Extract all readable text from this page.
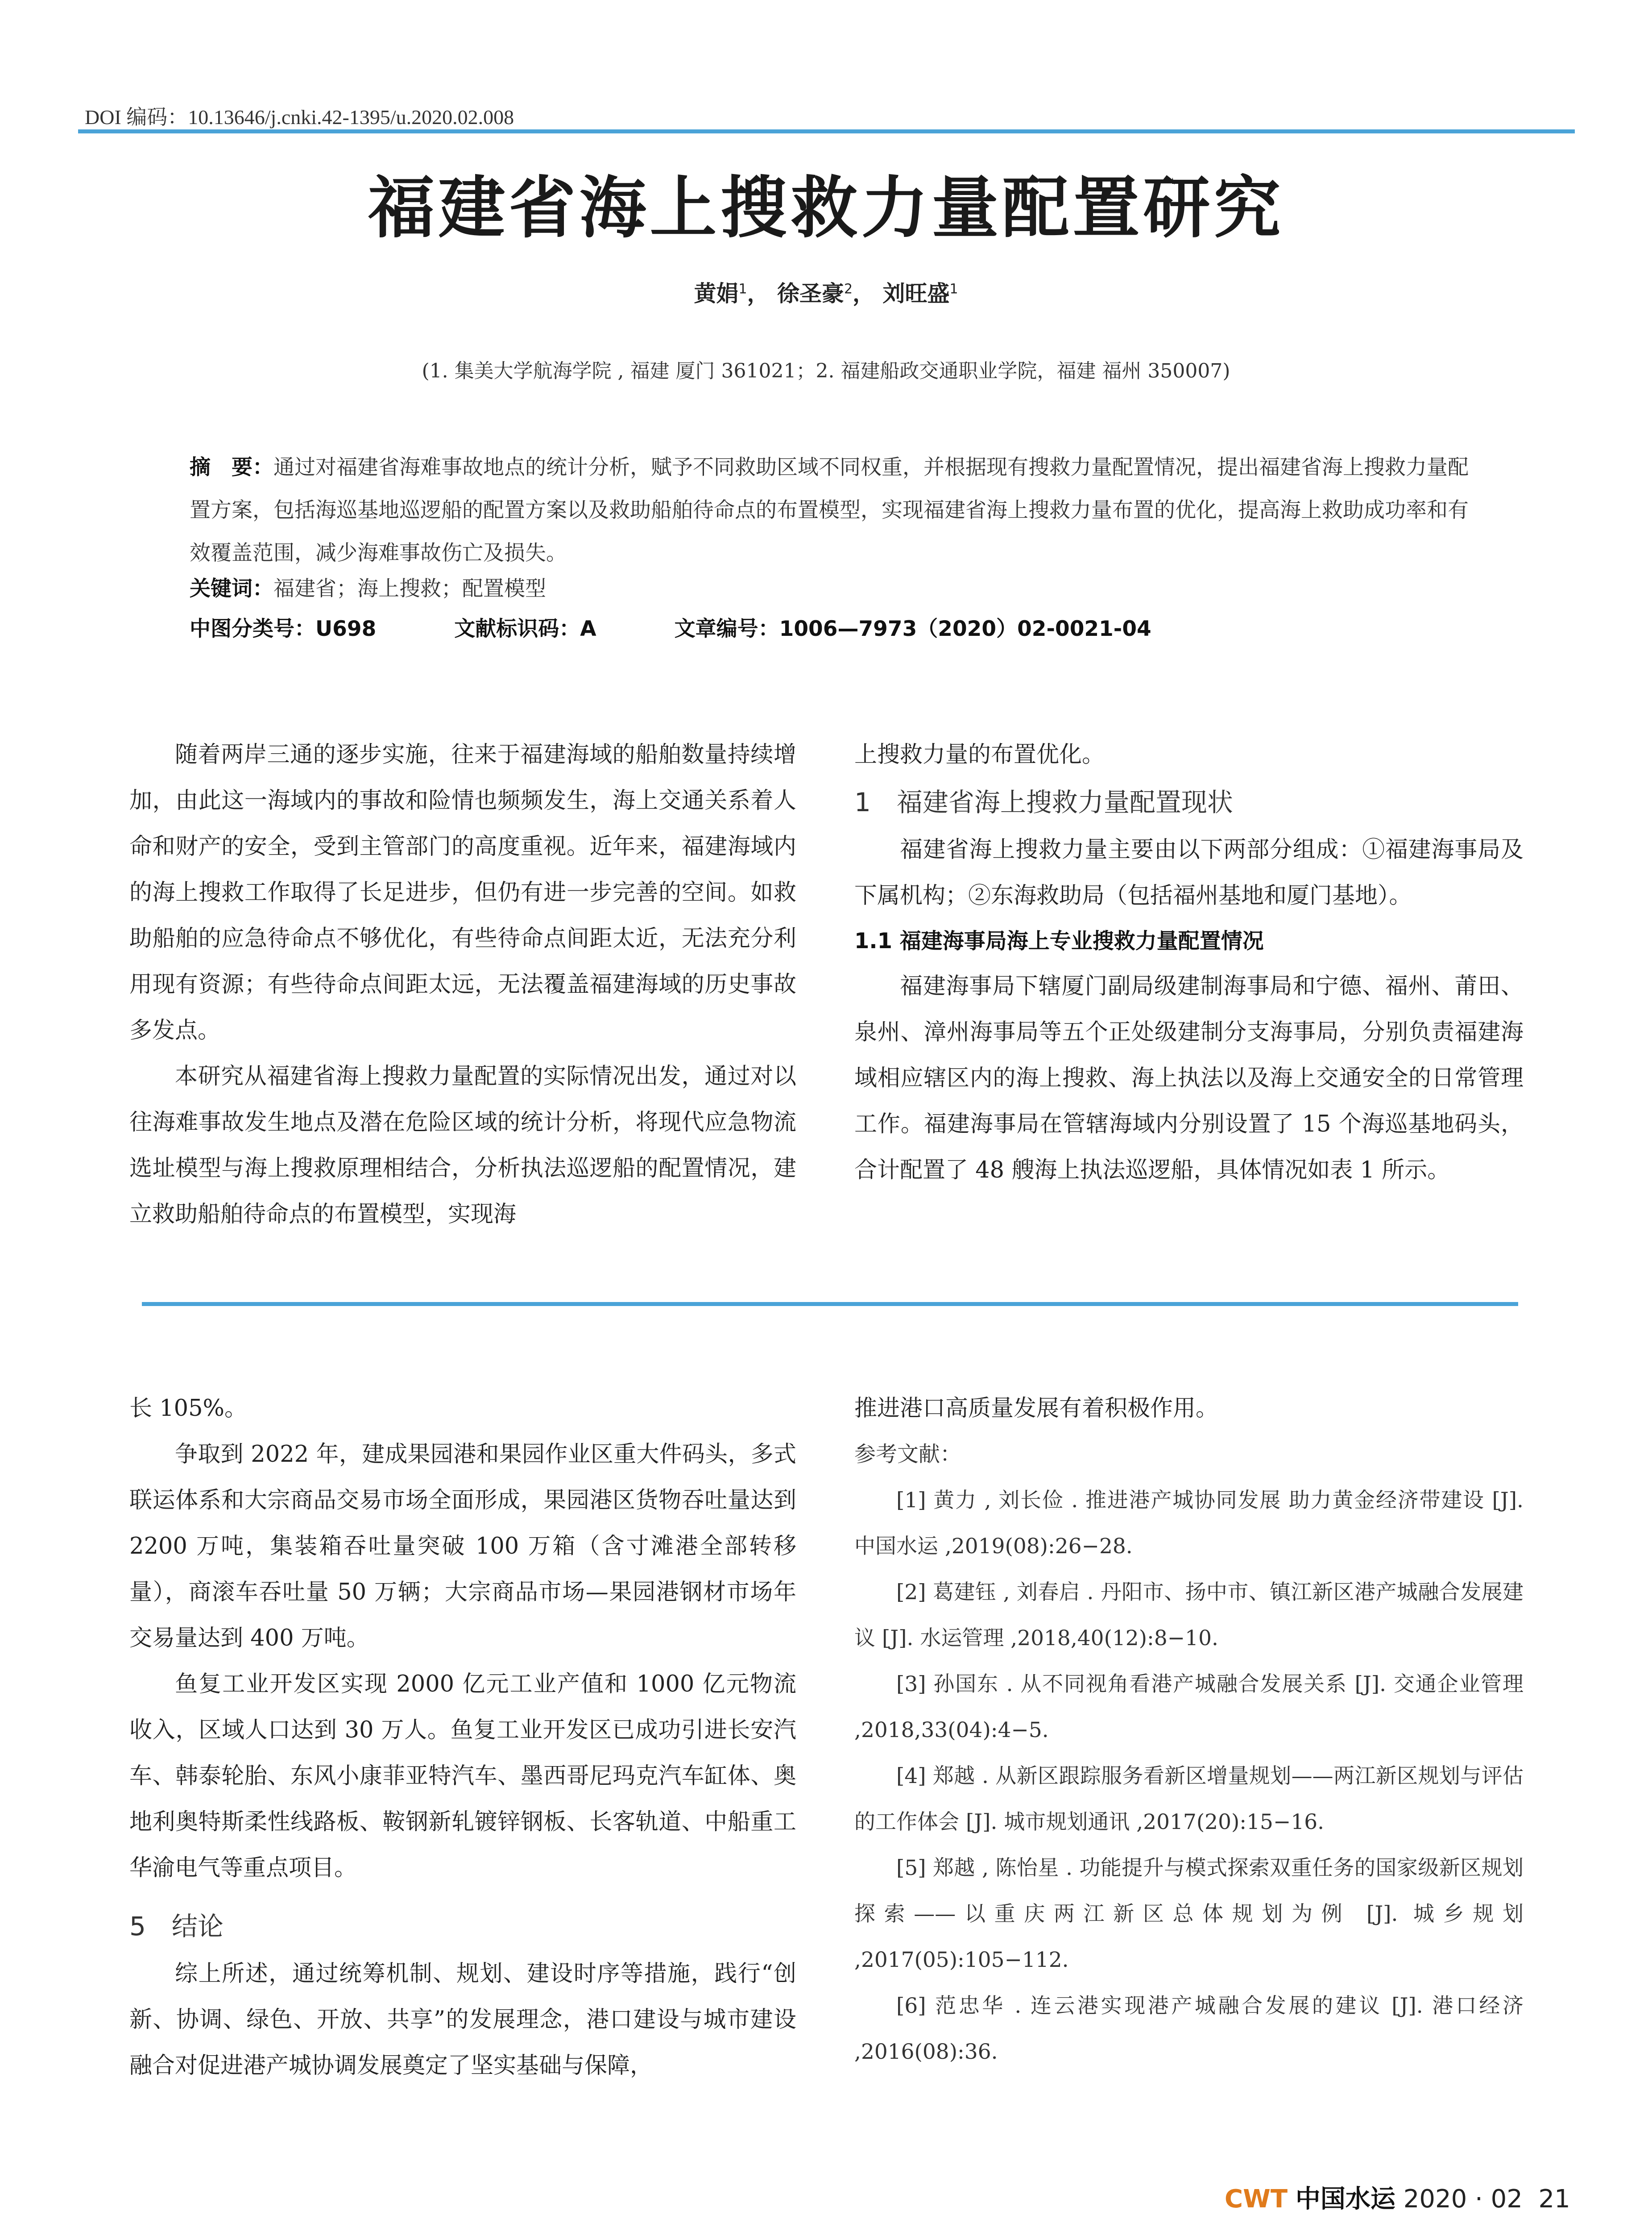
DOI 编码：10.13646/j.cnki.42-1395/u.2020.02.008
福建省海上搜救力量配置研究
黄娟$^1$， 徐圣豪$^2$， 刘旺盛$^1$
(1. 集美大学航海学院 , 福建 厦门 361021；2. 福建船政交通职业学院，福建 福州 350007)
摘　要：通过对福建省海难事故地点的统计分析，赋予不同救助区域不同权重，并根据现有搜救力量配置情况，提出福建省海上搜救力量配置方案，包括海巡基地巡逻船的配置方案以及救助船舶待命点的布置模型，实现福建省海上搜救力量布置的优化，提高海上救助成功率和有效覆盖范围，减少海难事故伤亡及损失。
关键词：福建省；海上搜救；配置模型
中图分类号：U698	文献标识码：A	文章编号：1006—7973（2020）02-0021-04

随着两岸三通的逐步实施，往来于福建海域的船舶数量持续增加，由此这一海域内的事故和险情也频频发生，海上交通关系着人命和财产的安全，受到主管部门的高度重视。近年来，福建海域内的海上搜救工作取得了长足进步，但仍有进一步完善的空间。如救助船舶的应急待命点不够优化，有些待命点间距太近，无法充分利用现有资源；有些待命点间距太远，无法覆盖福建海域的历史事故多发点。

本研究从福建省海上搜救力量配置的实际情况出发，通过对以往海难事故发生地点及潜在危险区域的统计分析，将现代应急物流选址模型与海上搜救原理相结合，分析执法巡逻船的配置情况，建立救助船舶待命点的布置模型，实现海

上搜救力量的布置优化。

1　福建省海上搜救力量配置现状

福建省海上搜救力量主要由以下两部分组成：①福建海事局及下属机构；②东海救助局（包括福州基地和厦门基地）。

1.1 福建海事局海上专业搜救力量配置情况

福建海事局下辖厦门副局级建制海事局和宁德、福州、莆田、泉州、漳州海事局等五个正处级建制分支海事局，分别负责福建海域相应辖区内的海上搜救、海上执法以及海上交通安全的日常管理工作。福建海事局在管辖海域内分别设置了 15 个海巡基地码头，合计配置了 48 艘海上执法巡逻船，具体情况如表 1 所示。

长 105%。

争取到 2022 年，建成果园港和果园作业区重大件码头，多式联运体系和大宗商品交易市场全面形成，果园港区货物吞吐量达到 2200 万吨，集装箱吞吐量突破 100 万箱（含寸滩港全部转移量），商滚车吞吐量 50 万辆；大宗商品市场—果园港钢材市场年交易量达到 400 万吨。

鱼复工业开发区实现 2000 亿元工业产值和 1000 亿元物流收入，区域人口达到 30 万人。鱼复工业开发区已成功引进长安汽车、韩泰轮胎、东风小康菲亚特汽车、墨西哥尼玛克汽车缸体、奥地利奥特斯柔性线路板、鞍钢新轧镀锌钢板、长客轨道、中船重工华渝电气等重点项目。

5　结论

综上所述，通过统筹机制、规划、建设时序等措施，践行“创新、协调、绿色、开放、共享”的发展理念，港口建设与城市建设融合对促进港产城协调发展奠定了坚实基础与保障，

推进港口高质量发展有着积极作用。

参考文献：

[1] 黄力 , 刘长俭 . 推进港产城协同发展 助力黄金经济带建设 [J]. 中国水运 ,2019(08):26−28.

[2] 葛建钰 , 刘春启 . 丹阳市、扬中市、镇江新区港产城融合发展建议 [J]. 水运管理 ,2018,40(12):8−10.

[3] 孙国东 . 从不同视角看港产城融合发展关系 [J]. 交通企业管理 ,2018,33(04):4−5.

[4] 郑越 . 从新区跟踪服务看新区增量规划——两江新区规划与评估的工作体会 [J]. 城市规划通讯 ,2017(20):15−16.

[5] 郑越 , 陈怡星 . 功能提升与模式探索双重任务的国家级新区规划探索——以重庆两江新区总体规划为例 [J]. 城乡规划 ,2017(05):105−112.

[6] 范忠华 . 连云港实现港产城融合发展的建议 [J]. 港口经济 ,2016(08):36.

CWT 中国水运 2020 · 02 21
